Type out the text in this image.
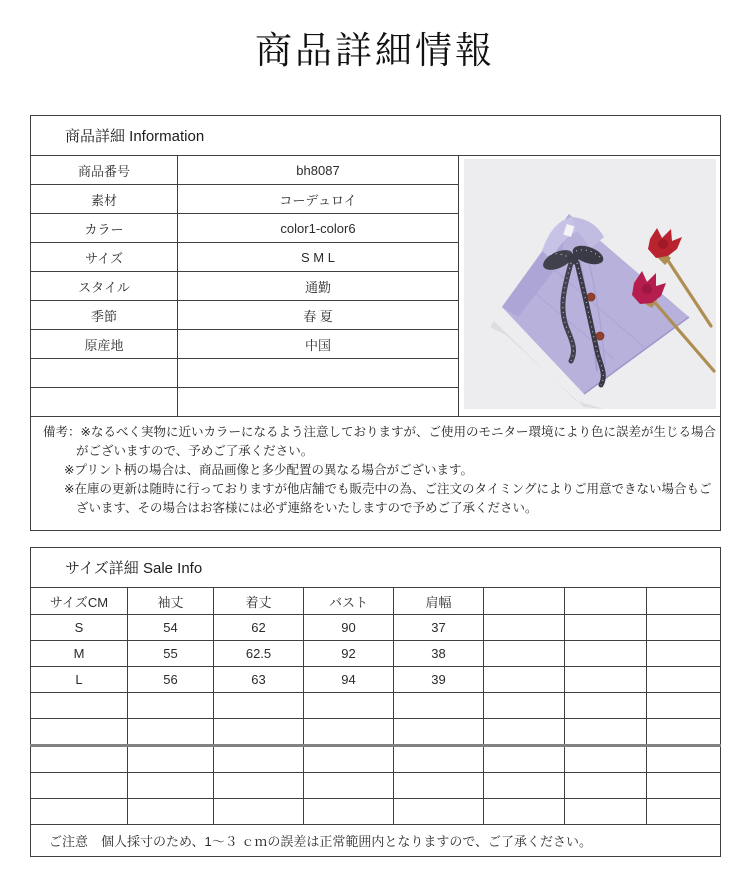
商品詳細情報
商品詳細 Information		
商品番号	bh8087	

素材	コーデュロイ	
カラー	color1-color6	
サイズ	S M L	
スタイル	通勤	
季節	春 夏	
原産地	中国	

備考：※なるべく実物に近いカラーになるよう注意しておりますが、ご使用のモニター環境により色に誤差が生じる場合
がございますので、予めご了承ください。
※プリント柄の場合は、商品画像と多少配置の異なる場合がございます。
※在庫の更新は随時に行っておりますが他店舗でも販売中の為、ご注文のタイミングによりご用意できない場合もご
ざいます、その場合はお客様には必ず連絡をいたしますので予めご了承ください。		
サイズ詳細 Sale Info							
サイズCM	袖丈	着丈	バスト	肩幅			
S	54	62	90	37			
M	55	62.5	92	38			
L	56	63	94	39			

ご注意　個人採寸のため、1～３ ｃｍの誤差は正常範囲内となりますので、ご了承ください。							
